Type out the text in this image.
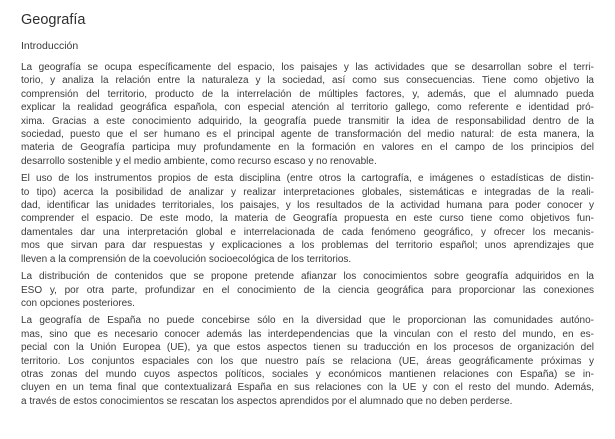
Geografía
Introducción
La geografía se ocupa específicamente del espacio, los paisajes y las actividades que se desarrollan sobre el terri-
torio, y analiza la relación entre la naturaleza y la sociedad, así como sus consecuencias. Tiene como objetivo la
comprensión del territorio, producto de la interrelación de múltiples factores, y, además, que el alumnado pueda
explicar la realidad geográfica española, con especial atención al territorio gallego, como referente e identidad pró-
xima. Gracias a este conocimiento adquirido, la geografía puede transmitir la idea de responsabilidad dentro de la
sociedad, puesto que el ser humano es el principal agente de transformación del medio natural: de esta manera, la
materia de Geografía participa muy profundamente en la formación en valores en el campo de los principios del
desarrollo sostenible y el medio ambiente, como recurso escaso y no renovable.
El uso de los instrumentos propios de esta disciplina (entre otros la cartografía, e imágenes o estadísticas de distin-
to tipo) acerca la posibilidad de analizar y realizar interpretaciones globales, sistemáticas e integradas de la reali-
dad, identificar las unidades territoriales, los paisajes, y los resultados de la actividad humana para poder conocer y
comprender el espacio. De este modo, la materia de Geografía propuesta en este curso tiene como objetivos fun-
damentales dar una interpretación global e interrelacionada de cada fenómeno geográfico, y ofrecer los mecanis-
mos que sirvan para dar respuestas y explicaciones a los problemas del territorio español; unos aprendizajes que
lleven a la comprensión de la coevolución socioecológica de los territorios.
La distribución de contenidos que se propone pretende afianzar los conocimientos sobre geografía adquiridos en la
ESO y, por otra parte, profundizar en el conocimiento de la ciencia geográfica para proporcionar las conexiones
con opciones posteriores.
La geografía de España no puede concebirse sólo en la diversidad que le proporcionan las comunidades autóno-
mas, sino que es necesario conocer además las interdependencias que la vinculan con el resto del mundo, en es-
pecial con la Unión Europea (UE), ya que estos aspectos tienen su traducción en los procesos de organización del
territorio. Los conjuntos espaciales con los que nuestro país se relaciona (UE, áreas geográficamente próximas y
otras zonas del mundo cuyos aspectos políticos, sociales y económicos mantienen relaciones con España) se in-
cluyen en un tema final que contextualizará España en sus relaciones con la UE y con el resto del mundo. Además,
a través de estos conocimientos se rescatan los aspectos aprendidos por el alumnado que no deben perderse.
